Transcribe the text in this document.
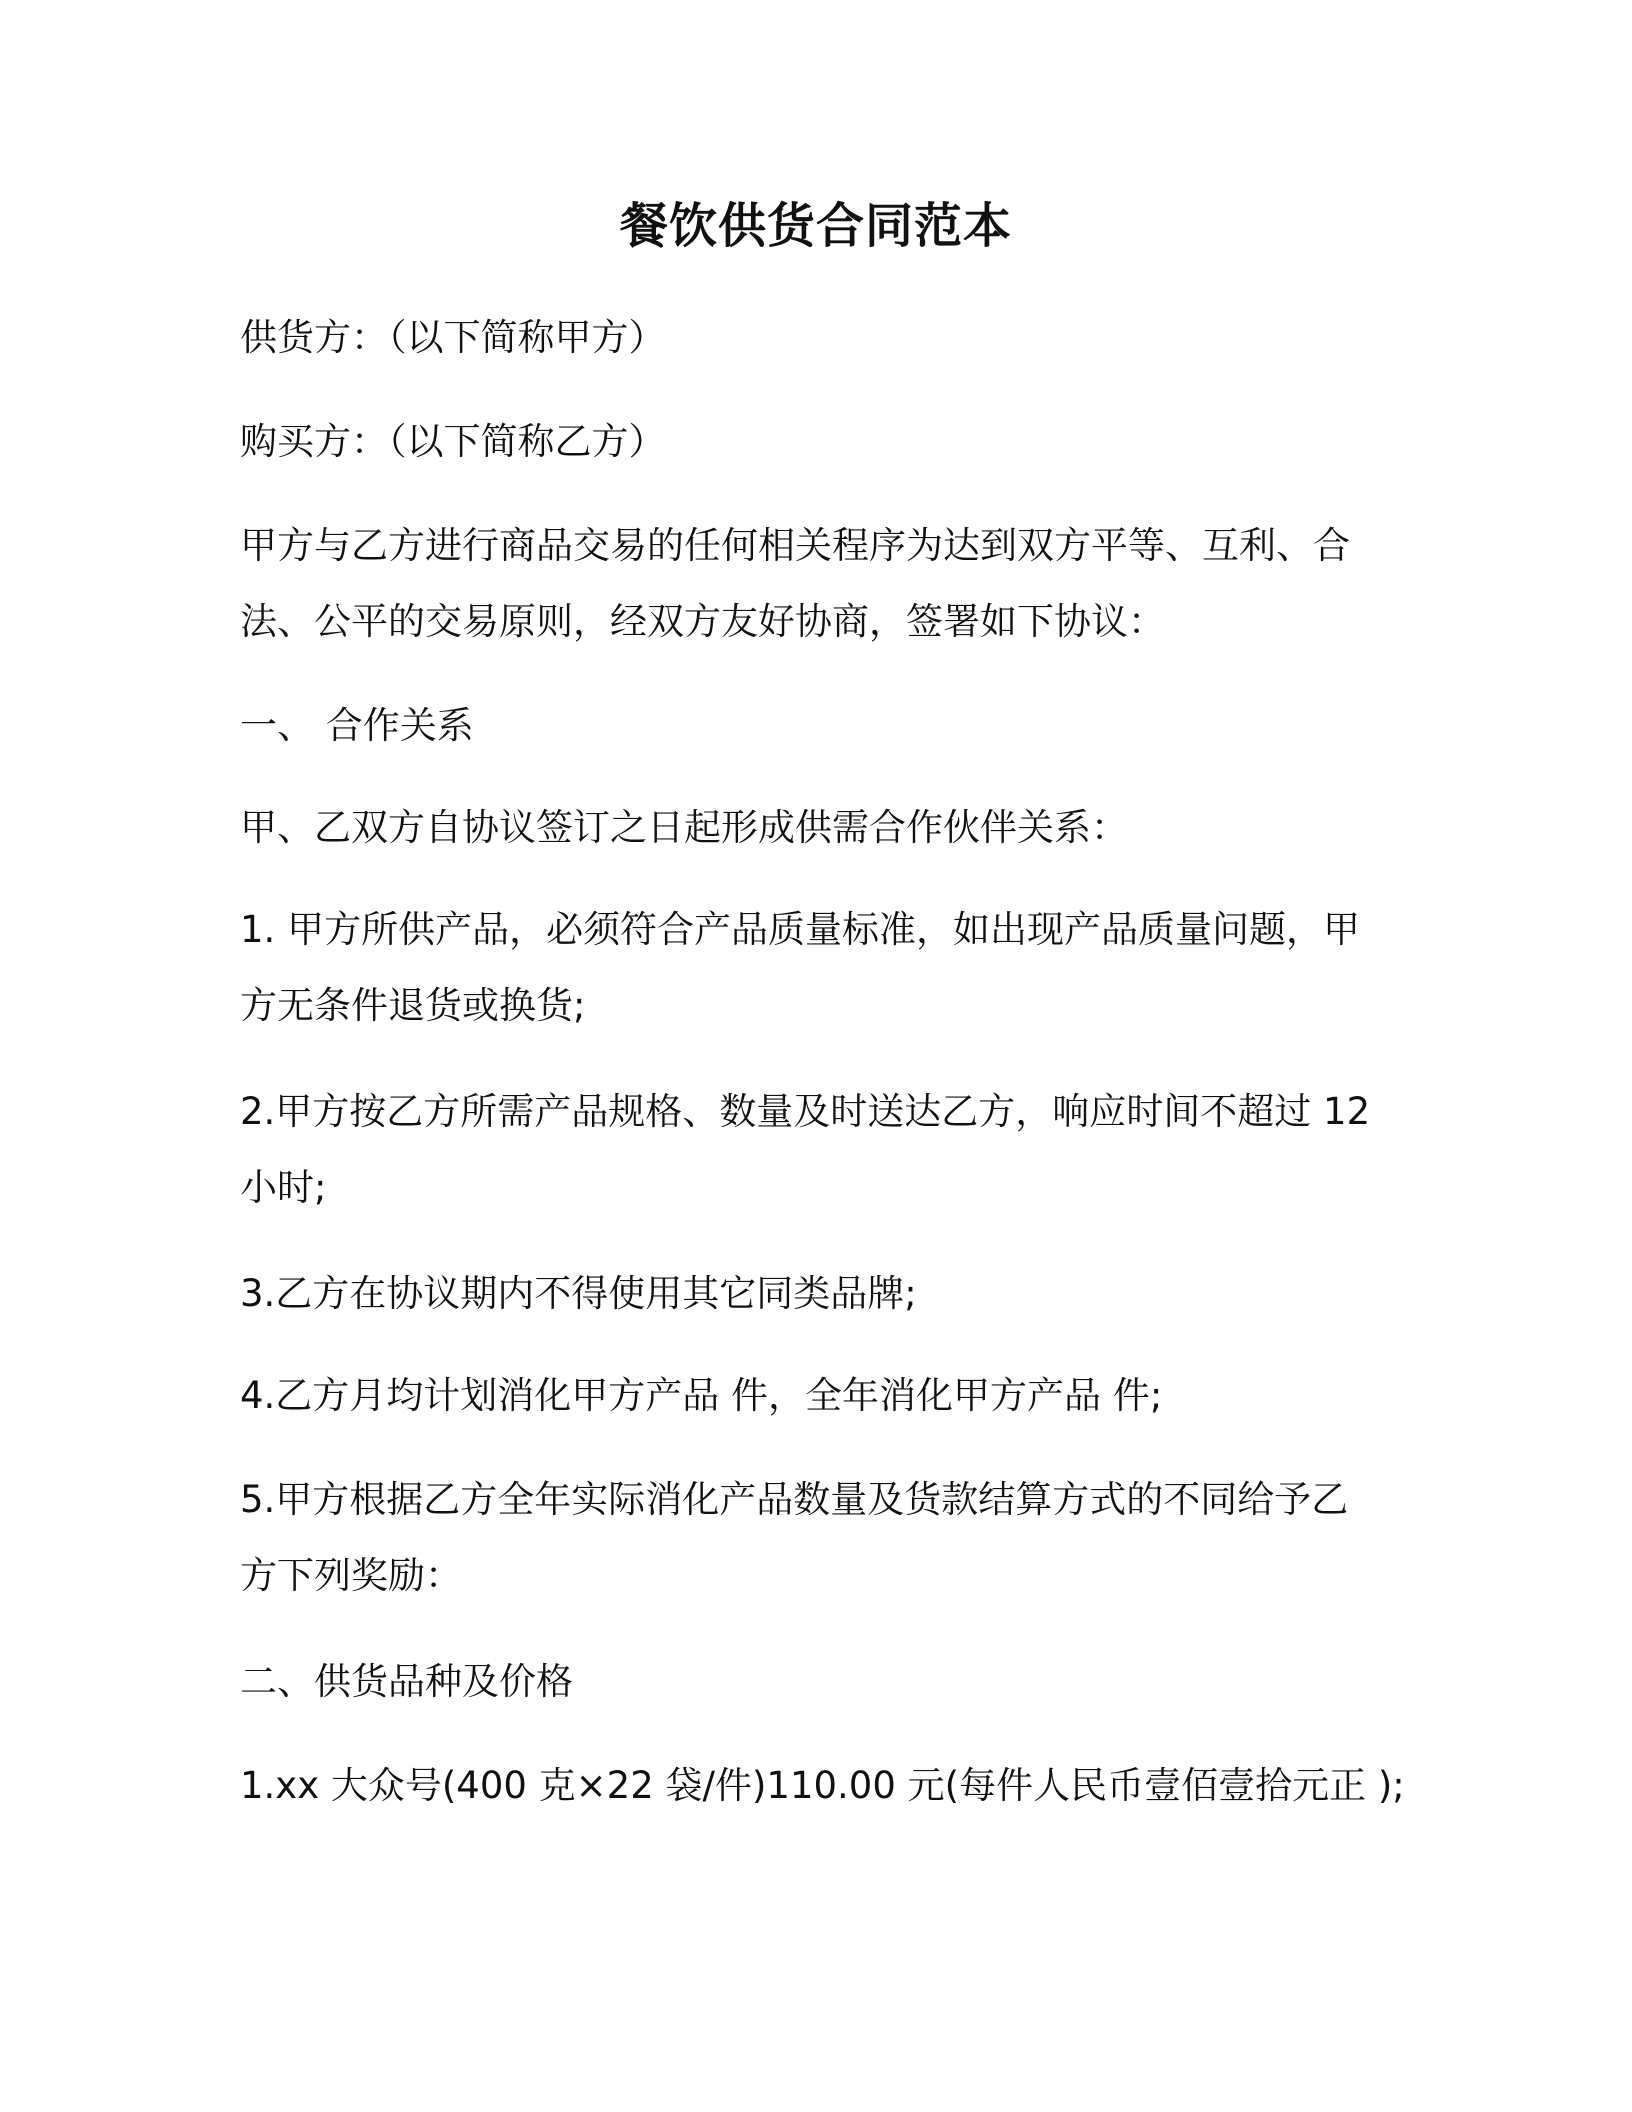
餐饮供货合同范本
供货方：（以下简称甲方）
购买方：（以下简称乙方）
甲方与乙方进行商品交易的任何相关程序为达到双方平等、互利、合
法、公平的交易原则，经双方友好协商，签署如下协议：
一、 合作关系
甲、乙双方自协议签订之日起形成供需合作伙伴关系：
1. 甲方所供产品，必须符合产品质量标准，如出现产品质量问题，甲
方无条件退货或换货;
2.甲方按乙方所需产品规格、数量及时送达乙方，响应时间不超过 12
小时;
3.乙方在协议期内不得使用其它同类品牌;
4.乙方月均计划消化甲方产品 件，全年消化甲方产品 件;
5.甲方根据乙方全年实际消化产品数量及货款结算方式的不同给予乙
方下列奖励：
二、供货品种及价格
1.xx 大众号(400 克×22 袋/件)110.00 元(每件人民币壹佰壹拾元正 );
